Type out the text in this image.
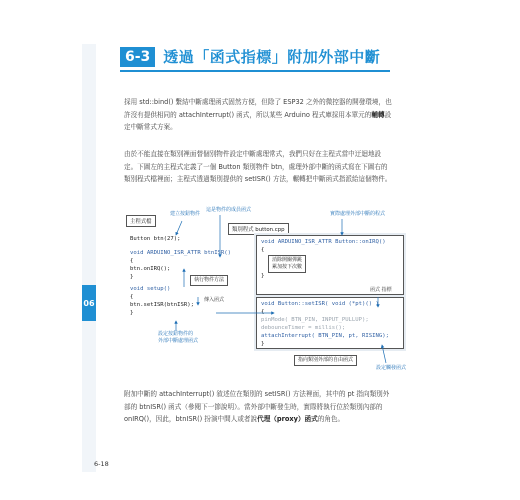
06
6-3 透過「函式指標」附加外部中斷
採用 std::bind() 繫結中斷處理函式固然方便，但除了 ESP32 之外的微控器的開發環境，也許沒有提供相同的 attachInterrupt() 函式，所以某些 Arduino 程式庫採用本單元的輔轉設定中斷常式方案。
由於不能直接在類別裡面替個別物件設定中斷處理常式，我們只好在主程式當中迂迴地設定。下圖左的主程式定義了一個 Button 類別物件 btn，處理外部中斷的函式寫在下圖右的類別程式檔裡面；主程式透過類別提供的 setISR() 方法，輾轉把中斷函式指派給這個物件。
主程式檔
建立按鈕物件
這是物件的成員函式
Button btn(27);
void ARDUINO_ISR_ATTR btnISR()
{
btn.onIRQ();
}
void setup()
{
btn.setISR(btnISR);
}
執行物件方法
傳入函式
設定按鈕物件的
外部中斷處理函式
類別程式 button.cpp
實際處理外部中斷的程式
void ARDUINO_ISR_ATTR Button::onIRQ()
{
}
消除開關彈跳
累加按下次數
函式 指標
void Button::setISR( void (*pt)() )
{
pinMode( BTN_PIN, INPUT_PULLUP);
debounceTimer = millis();
attachInterrupt( BTN_PIN, pt, RISING);
}
指向類別外部的自由函式
設定觸發函式
附加中斷的 attachInterrupt() 敘述位在類別的 setISR() 方法裡面，其中的 pt 指向類別外部的 btnISR() 函式（參閱下一節說明）。當外部中斷發生時，實際將執行位於類別內部的 onIRQ()，因此，btnISR() 扮演中間人或者說代理（proxy）函式的角色。
6-18
